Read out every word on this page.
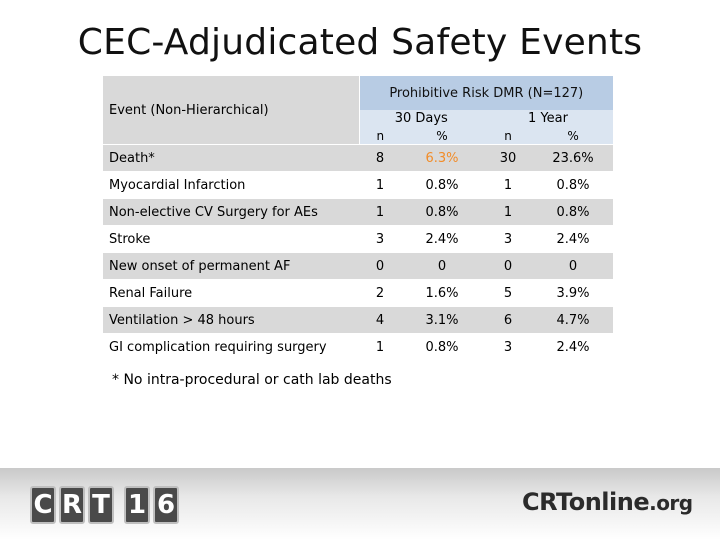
CEC-Adjudicated Safety Events
Event (Non-Hierarchical)	Prohibitive Risk DMR (N=127)			
	30 Days		1 Year	
	n	%	n	%
Death*	8	6.3%	30	23.6%
Myocardial Infarction	1	0.8%	1	0.8%
Non-elective CV Surgery for AEs	1	0.8%	1	0.8%
Stroke	3	2.4%	3	2.4%
New onset of permanent AF	0	0	0	0
Renal Failure	2	1.6%	5	3.9%
Ventilation > 48 hours	4	3.1%	6	4.7%
GI complication requiring surgery	1	0.8%	3	2.4%
* No intra-procedural or cath lab deaths
C R T 1 6	CRTonline.org
